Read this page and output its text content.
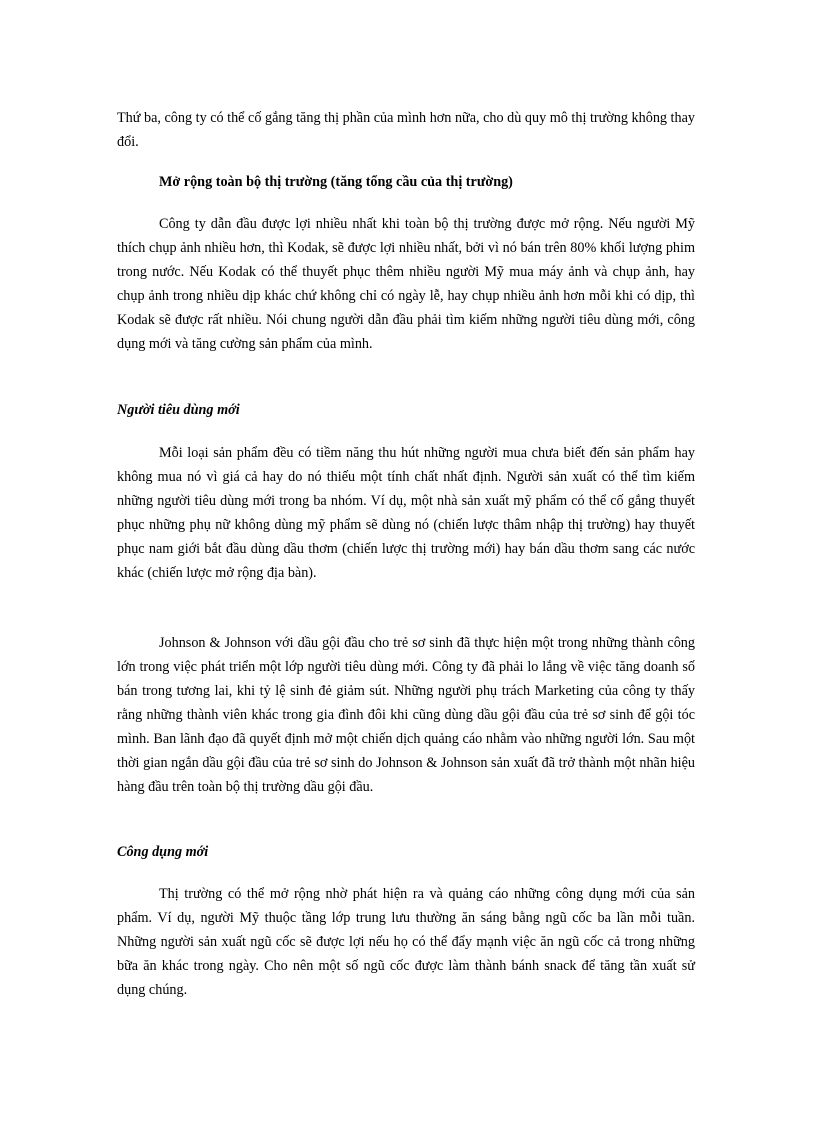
Thứ ba, công ty có thể cố gắng tăng thị phần của mình hơn nữa, cho dù quy mô thị trường không thay đổi.

Mở rộng toàn bộ thị trường (tăng tổng cầu của thị trường)

Công ty dẫn đầu được lợi nhiều nhất khi toàn bộ thị trường được mở rộng. Nếu người Mỹ thích chụp ảnh nhiều hơn, thì Kodak, sẽ được lợi nhiều nhất, bởi vì nó bán trên 80% khối lượng phim trong nước. Nếu Kodak có thể thuyết phục thêm nhiều người Mỹ mua máy ảnh và chụp ảnh, hay chụp ảnh trong nhiều dịp khác chứ không chỉ có ngày lễ, hay chụp nhiều ảnh hơn mỗi khi có dịp, thì Kodak sẽ được rất nhiều. Nói chung người dẫn đầu phải tìm kiếm những người tiêu dùng mới, công dụng mới và tăng cường sản phẩm của mình.

Người tiêu dùng mới

Mỗi loại sản phẩm đều có tiềm năng thu hút những người mua chưa biết đến sản phẩm hay không mua nó vì giá cả hay do nó thiếu một tính chất nhất định. Người sản xuất có thể tìm kiếm những người tiêu dùng mới trong ba nhóm. Ví dụ, một nhà sản xuất mỹ phẩm có thể cố gắng thuyết phục những phụ nữ không dùng mỹ phẩm sẽ dùng nó (chiến lược thâm nhập thị trường) hay thuyết phục nam giới bắt đầu dùng dầu thơm (chiến lược thị trường mới) hay bán dầu thơm sang các nước khác (chiến lược mở rộng địa bàn).

Johnson & Johnson với dầu gội đầu cho trẻ sơ sinh đã thực hiện một trong những thành công lớn trong việc phát triển một lớp người tiêu dùng mới. Công ty đã phải lo lắng về việc tăng doanh số bán trong tương lai, khi tỷ lệ sinh đẻ giảm sút. Những người phụ trách Marketing của công ty thấy rằng những thành viên khác trong gia đình đôi khi cũng dùng dầu gội đầu của trẻ sơ sinh để gội tóc mình. Ban lãnh đạo đã quyết định mở một chiến dịch quảng cáo nhằm vào những người lớn. Sau một thời gian ngắn dầu gội đầu của trẻ sơ sinh do Johnson & Johnson sản xuất đã trở thành một nhãn hiệu hàng đầu trên toàn bộ thị trường dầu gội đầu.

Công dụng mới

Thị trường có thể mở rộng nhờ phát hiện ra và quảng cáo những công dụng mới của sản phẩm. Ví dụ, người Mỹ thuộc tầng lớp trung lưu thường ăn sáng bằng ngũ cốc ba lần mỗi tuần. Những người sản xuất ngũ cốc sẽ được lợi nếu họ có thể đẩy mạnh việc ăn ngũ cốc cả trong những bữa ăn khác trong ngày. Cho nên một số ngũ cốc được làm thành bánh snack để tăng tần xuất sử dụng chúng.
